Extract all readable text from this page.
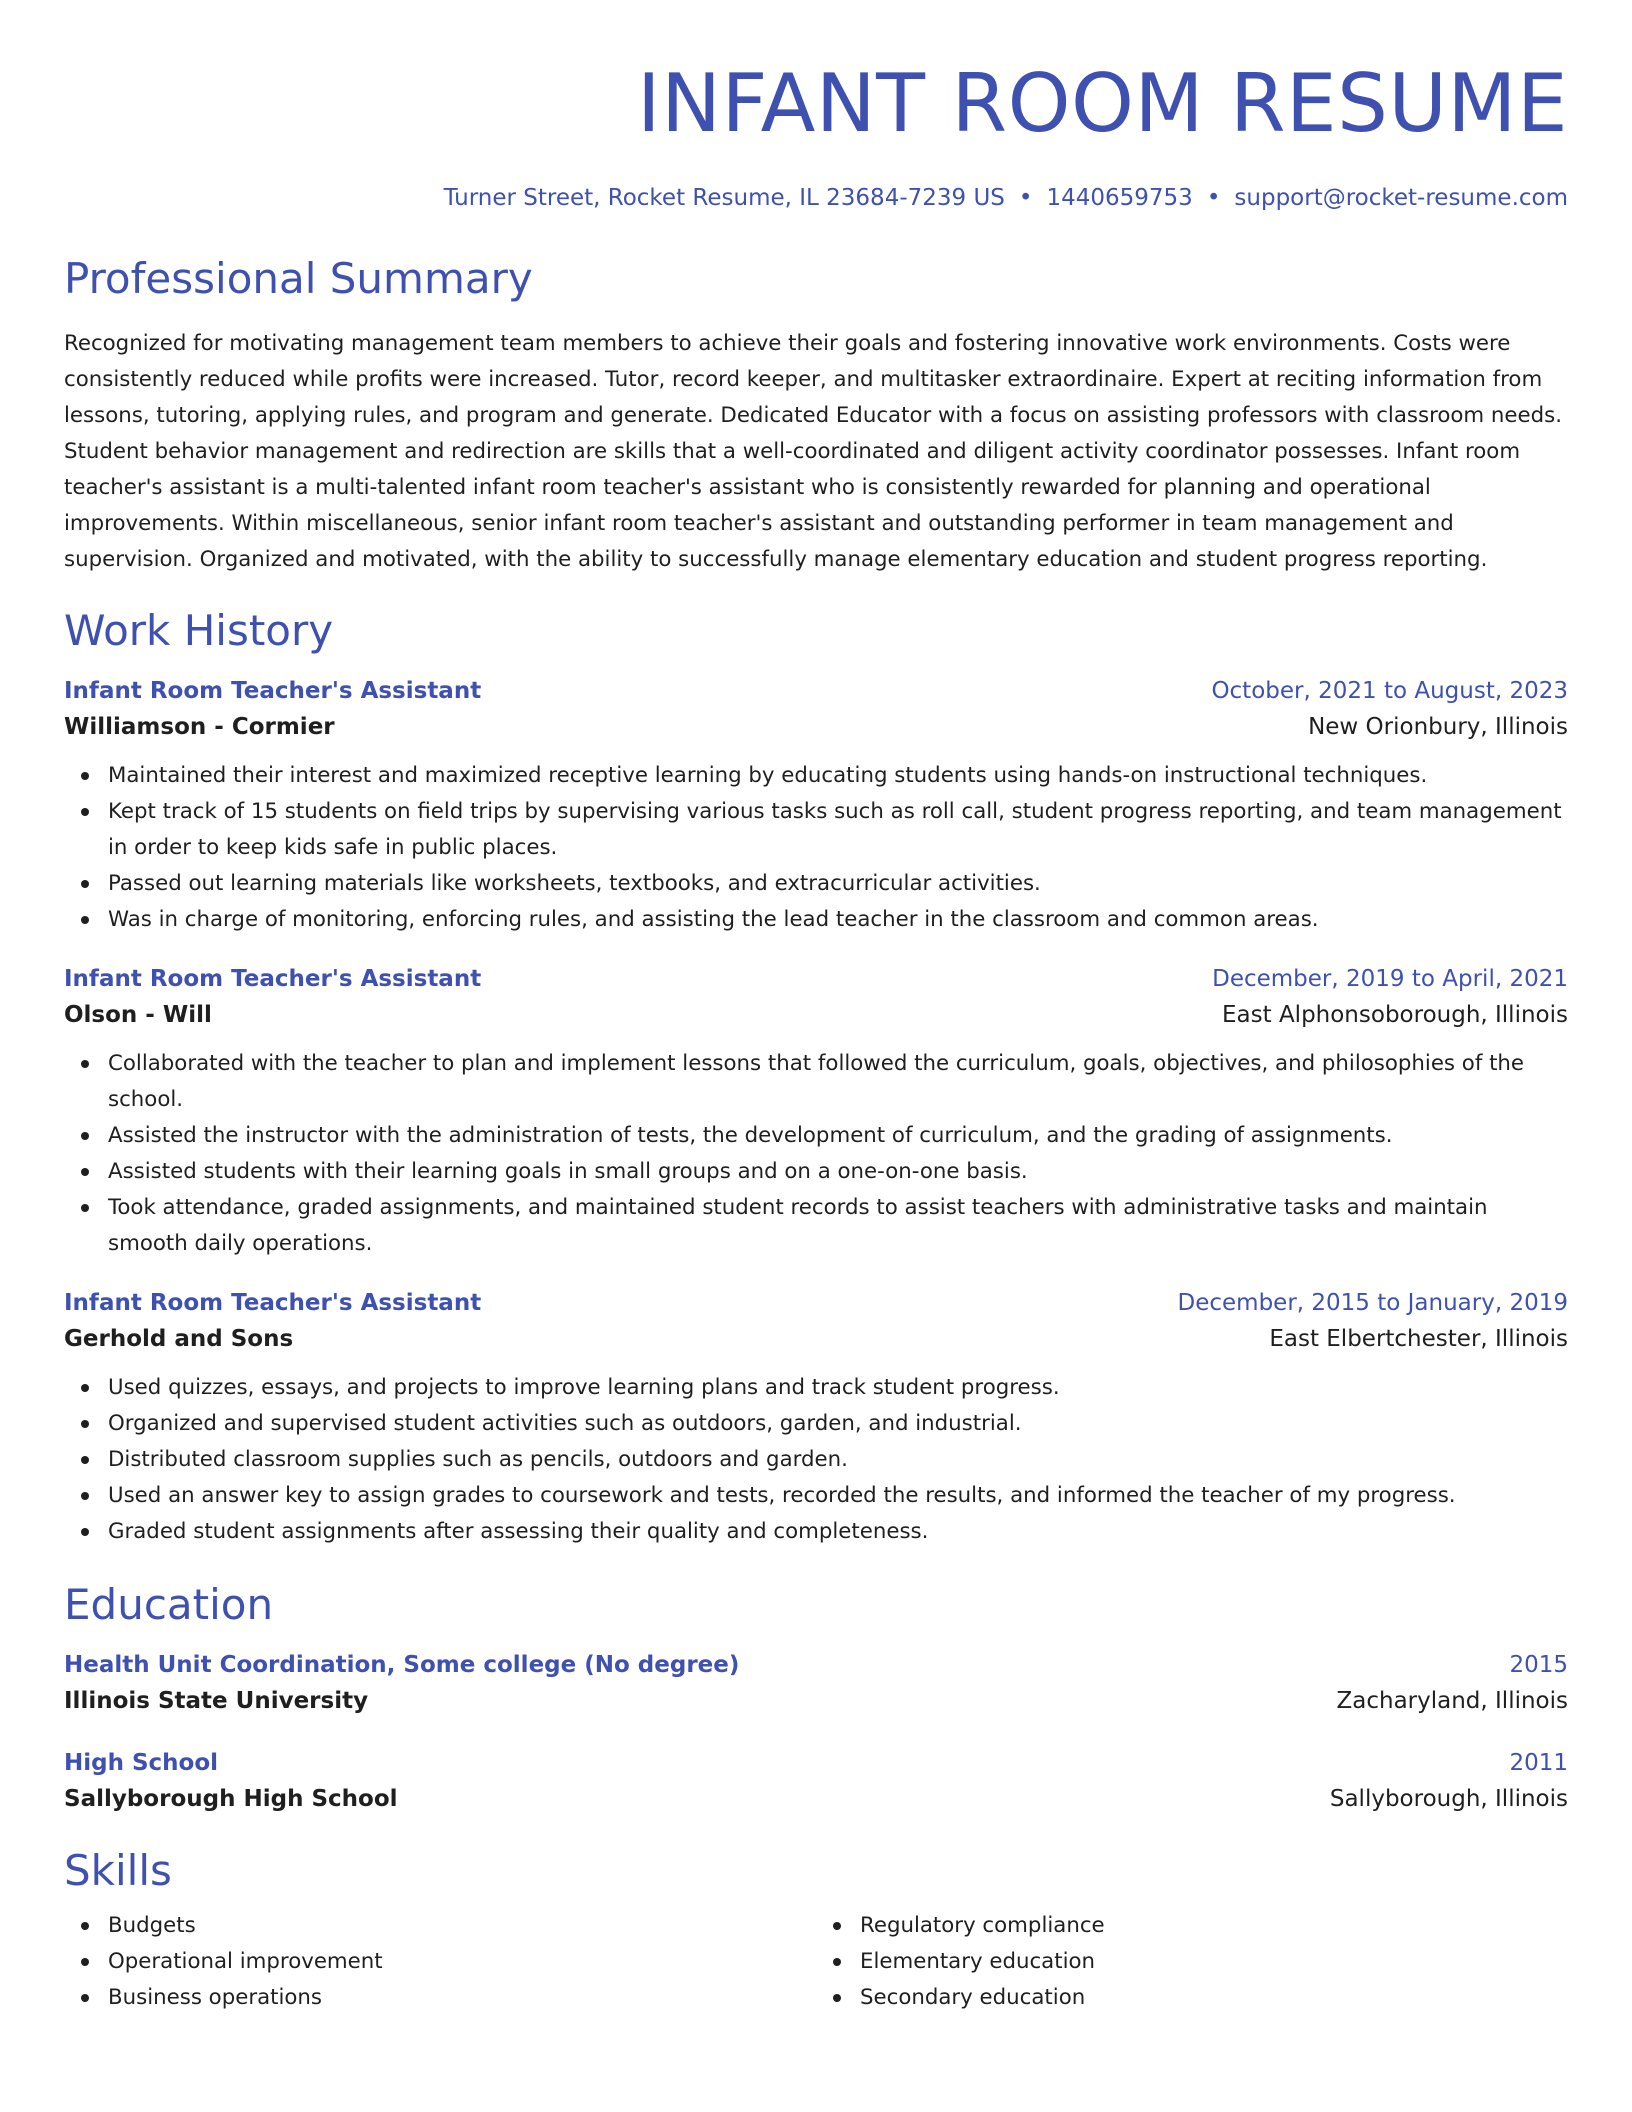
INFANT ROOM RESUME
Turner Street, Rocket Resume, IL 23684-7239 US • 1440659753 • support@rocket-resume.com
Professional Summary

Recognized for motivating management team members to achieve their goals and fostering innovative work environments. Costs were consistently reduced while profits were increased. Tutor, record keeper, and multitasker extraordinaire. Expert at reciting information from lessons, tutoring, applying rules, and program and generate. Dedicated Educator with a focus on assisting professors with classroom needs. Student behavior management and redirection are skills that a well-coordinated and diligent activity coordinator possesses. Infant room teacher's assistant is a multi-talented infant room teacher's assistant who is consistently rewarded for planning and operational improvements. Within miscellaneous, senior infant room teacher's assistant and outstanding performer in team management and supervision. Organized and motivated, with the ability to successfully manage elementary education and student progress reporting.

Work History
Infant Room Teacher's Assistant	October, 2021 to August, 2023
Williamson - Cormier	New Orionbury, Illinois
Maintained their interest and maximized receptive learning by educating students using hands-on instructional techniques.
Kept track of 15 students on field trips by supervising various tasks such as roll call, student progress reporting, and team management in order to keep kids safe in public places.
Passed out learning materials like worksheets, textbooks, and extracurricular activities.
Was in charge of monitoring, enforcing rules, and assisting the lead teacher in the classroom and common areas.
Infant Room Teacher's Assistant	December, 2019 to April, 2021
Olson - Will	East Alphonsoborough, Illinois
Collaborated with the teacher to plan and implement lessons that followed the curriculum, goals, objectives, and philosophies of the school.
Assisted the instructor with the administration of tests, the development of curriculum, and the grading of assignments.
Assisted students with their learning goals in small groups and on a one-on-one basis.
Took attendance, graded assignments, and maintained student records to assist teachers with administrative tasks and maintain smooth daily operations.
Infant Room Teacher's Assistant	December, 2015 to January, 2019
Gerhold and Sons	East Elbertchester, Illinois
Used quizzes, essays, and projects to improve learning plans and track student progress.
Organized and supervised student activities such as outdoors, garden, and industrial.
Distributed classroom supplies such as pencils, outdoors and garden.
Used an answer key to assign grades to coursework and tests, recorded the results, and informed the teacher of my progress.
Graded student assignments after assessing their quality and completeness.
Education
Health Unit Coordination, Some college (No degree)	2015
Illinois State University	Zacharyland, Illinois
High School	2011
Sallyborough High School	Sallyborough, Illinois
Skills
Budgets
Operational improvement
Business operations
Regulatory compliance
Elementary education
Secondary education
